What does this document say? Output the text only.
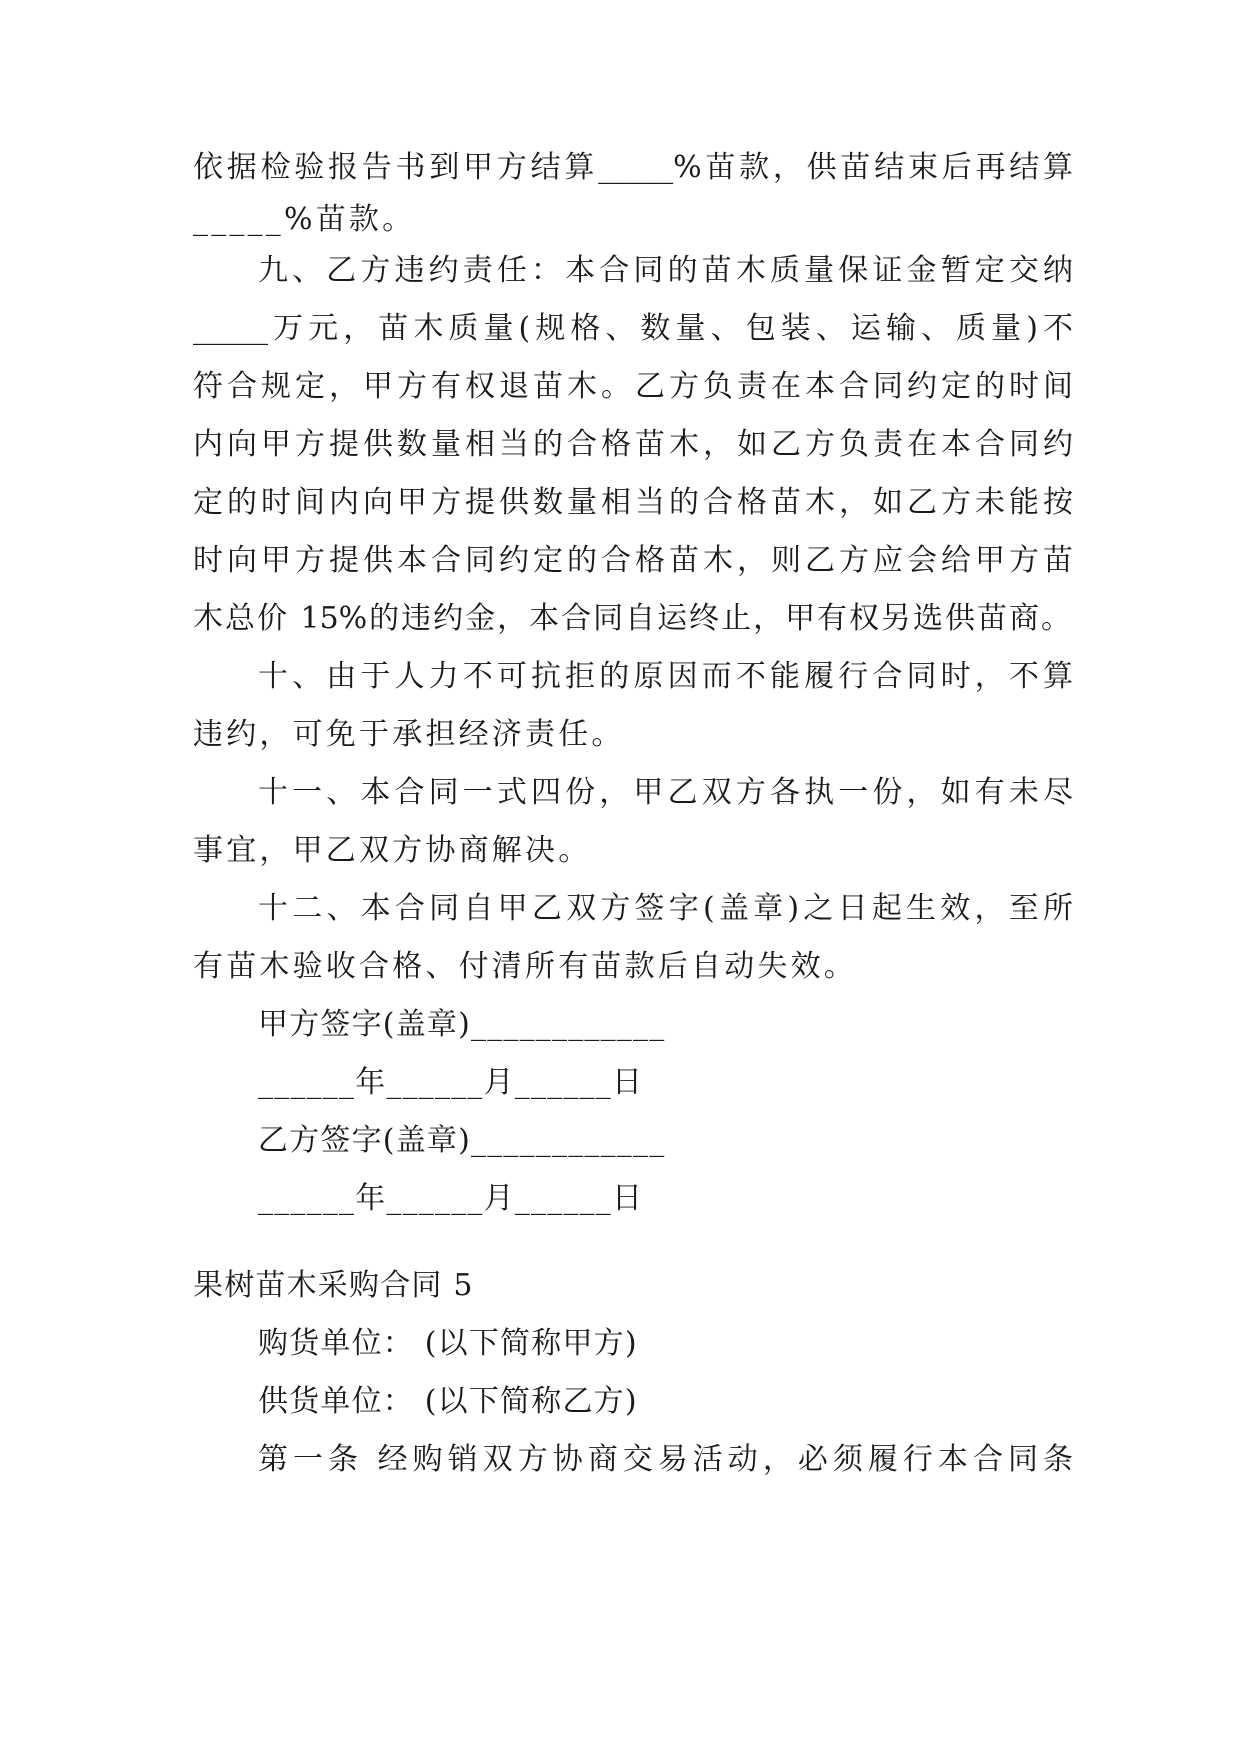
依据检验报告书到甲方结算_____%苗款，供苗结束后再结算
_____%苗款。
九、乙方违约责任：本合同的苗木质量保证金暂定交纳
_____万元，苗木质量(规格、数量、包装、运输、质量)不
符合规定，甲方有权退苗木。乙方负责在本合同约定的时间
内向甲方提供数量相当的合格苗木，如乙方负责在本合同约
定的时间内向甲方提供数量相当的合格苗木，如乙方未能按
时向甲方提供本合同约定的合格苗木，则乙方应会给甲方苗
木总价 15%的违约金，本合同自运终止，甲有权另选供苗商。
十、由于人力不可抗拒的原因而不能履行合同时，不算
违约，可免于承担经济责任。
十一、本合同一式四份，甲乙双方各执一份，如有未尽
事宜，甲乙双方协商解决。
十二、本合同自甲乙双方签字(盖章)之日起生效，至所
有苗木验收合格、付清所有苗款后自动失效。
甲方签字(盖章)____________
______年______月______日
乙方签字(盖章)____________
______年______月______日
果树苗木采购合同 5
购货单位： (以下简称甲方)
供货单位： (以下简称乙方)
第一条 经购销双方协商交易活动，必须履行本合同条
